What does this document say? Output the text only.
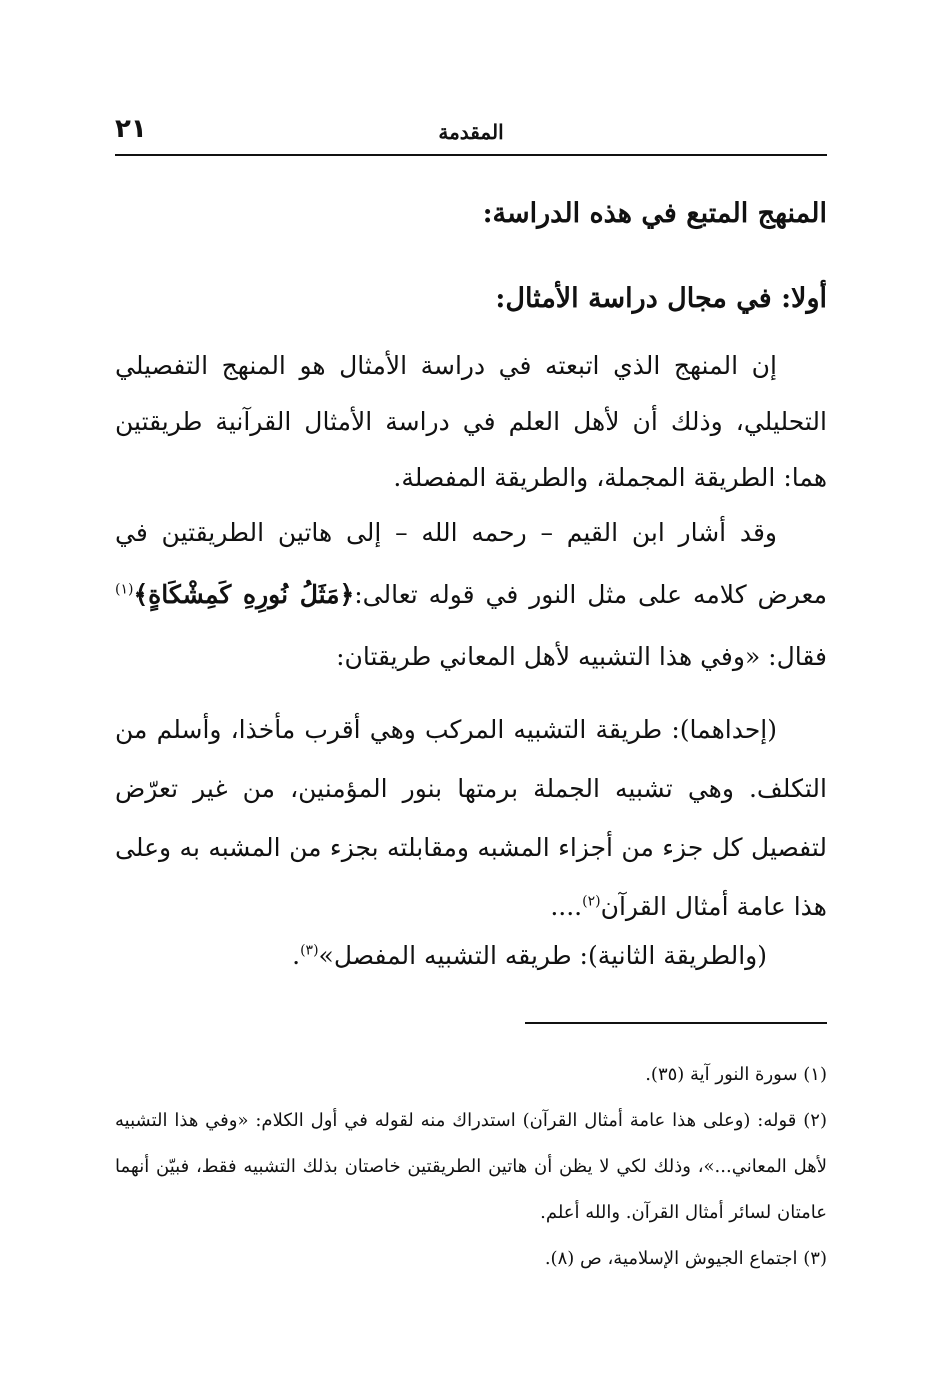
٢١	المقدمة
المنهج المتبع في هذه الدراسة:
أولا: في مجال دراسة الأمثال:
إن المنهج الذي اتبعته في دراسة الأمثال هو المنهج التفصيلي التحليلي، وذلك أن لأهل العلم في دراسة الأمثال القرآنية طريقتين هما: الطريقة المجملة، والطريقة المفصلة.
وقد أشار ابن القيم – رحمه الله – إلى هاتين الطريقتين في معرض كلامه على مثل النور في قوله تعالى:﴿مَثَلُ نُورِهِ كَمِشْكَاةٍ﴾$^{(١)}$ فقال: «وفي هذا التشبيه لأهل المعاني طريقتان:
(إحداهما): طريقة التشبيه المركب وهي أقرب مأخذا، وأسلم من التكلف. وهي تشبيه الجملة برمتها بنور المؤمنين، من غير تعرّض لتفصيل كل جزء من أجزاء المشبه ومقابلته بجزء من المشبه به وعلى هذا عامة أمثال القرآن$^{(٢)}$....
(والطريقة الثانية): طريقه التشبيه المفصل»$^{(٣)}$.
(١) سورة النور آية (٣٥).
(٢) قوله: (وعلى هذا عامة أمثال القرآن) استدراك منه لقوله في أول الكلام: «وفي هذا التشبيه لأهل المعاني...»، وذلك لكي لا يظن أن هاتين الطريقتين خاصتان بذلك التشبيه فقط، فبيّن أنهما عامتان لسائر أمثال القرآن. والله أعلم.
(٣) اجتماع الجيوش الإسلامية، ص (٨).
